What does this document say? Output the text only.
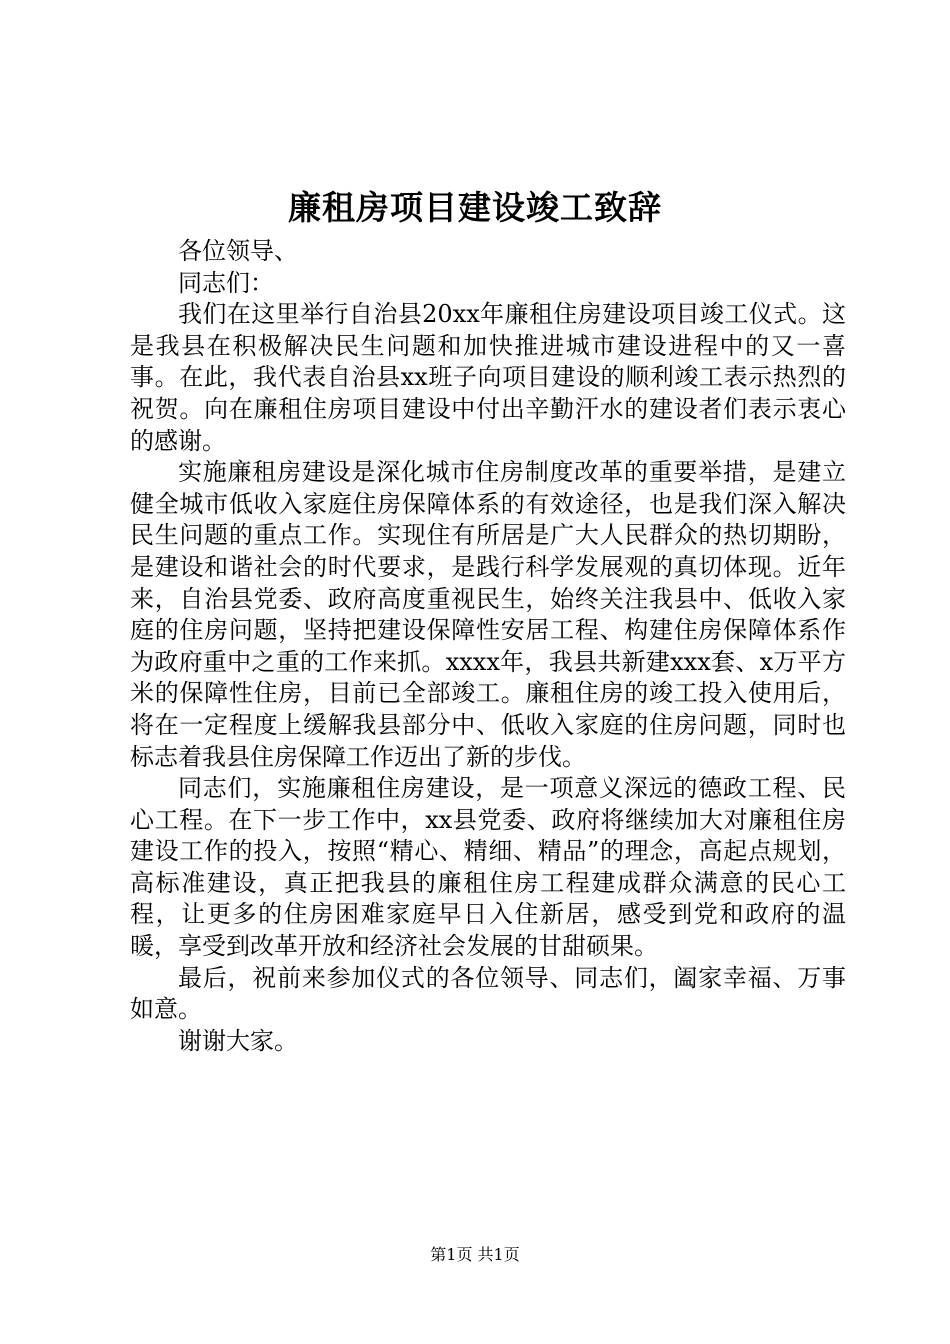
廉租房项目建设竣工致辞

各位领导、

同志们：

我们在这里举行自治县20xx年廉租住房建设项目竣工仪式。这是我县在积极解决民生问题和加快推进城市建设进程中的又一喜事。在此，我代表自治县xx班子向项目建设的顺利竣工表示热烈的祝贺。向在廉租住房项目建设中付出辛勤汗水的建设者们表示衷心的感谢。

实施廉租房建设是深化城市住房制度改革的重要举措，是建立健全城市低收入家庭住房保障体系的有效途径，也是我们深入解决民生问题的重点工作。实现住有所居是广大人民群众的热切期盼，是建设和谐社会的时代要求，是践行科学发展观的真切体现。近年来，自治县党委、政府高度重视民生，始终关注我县中、低收入家庭的住房问题，坚持把建设保障性安居工程、构建住房保障体系作为政府重中之重的工作来抓。xxxx年，我县共新建xxx套、x万平方米的保障性住房，目前已全部竣工。廉租住房的竣工投入使用后，将在一定程度上缓解我县部分中、低收入家庭的住房问题，同时也标志着我县住房保障工作迈出了新的步伐。

同志们，实施廉租住房建设，是一项意义深远的德政工程、民心工程。在下一步工作中，xx县党委、政府将继续加大对廉租住房建设工作的投入，按照“精心、精细、精品”的理念，高起点规划，高标准建设，真正把我县的廉租住房工程建成群众满意的民心工程，让更多的住房困难家庭早日入住新居，感受到党和政府的温暖，享受到改革开放和经济社会发展的甘甜硕果。

最后，祝前来参加仪式的各位领导、同志们，阖家幸福、万事如意。

谢谢大家。

第1页 共1页
